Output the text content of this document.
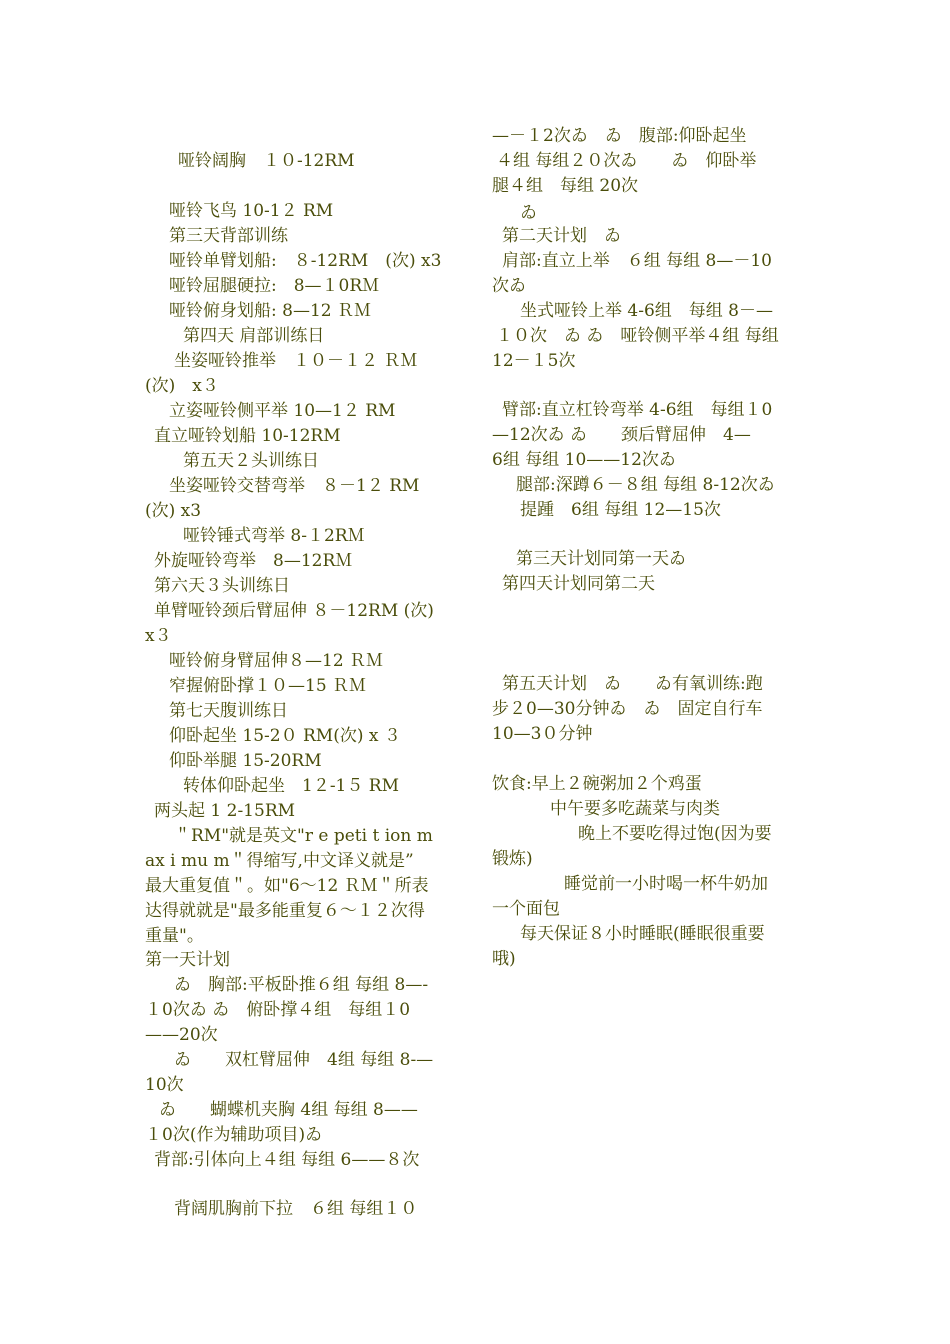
哑铃阔胸　１０-12RM
哑铃飞鸟 10-1２ RM
第三天背部训练
哑铃单臂划船:　８-12RM　(次) x3
哑铃屈腿硬拉:　8—１0RＭ
哑铃俯身划船: 8—12 ＲＭ
第四天 肩部训练日
坐姿哑铃推举　１０－１２ ＲＭ
(次)　x３
立姿哑铃侧平举 10—1２ RM
直立哑铃划船 10-12RM
第五天２头训练日
坐姿哑铃交替弯举　８－1２ RM
(次) x3
哑铃锤式弯举 8-１2RＭ
外旋哑铃弯举　8—12RＭ
第六天３头训练日
单臂哑铃颈后臂屈伸 ８－12RM (次)
x３
哑铃俯身臂屈伸８—12 ＲＭ
窄握俯卧撑１０—15 ＲＭ
第七天腹训练日
仰卧起坐 15-2０ RM(次) x ３
仰卧举腿 15-20RM
转体仰卧起坐　1２-1５ RM
两头起 1 2-15RM
＂RM"就是英文"r e peti t ion m
ax i mu m＂得缩写,中文译义就是”
最大重复值＂。如"6～12 ＲＭ＂所表
达得就就是"最多能重复６～１２次得
重量"。
第一天计划
ゐ　胸部:平板卧推６组 每组 8—-
１0次ゐ ゐ　俯卧撑４组　每组１0
——20次
ゐ　　双杠臂屈伸　4组 每组 8-—
10次
ゐ　　蝴蝶机夹胸 4组 每组 8——
１0次(作为辅助项目)ゐ
背部:引体向上４组 每组 6——８次
背阔肌胸前下拉　６组 每组１０
—－１2次ゐ　ゐ　腹部:仰卧起坐
４组 每组２０次ゐ　　ゐ　仰卧举
腿４组　每组 20次
ゐ
第二天计划　ゐ
肩部:直立上举　６组 每组 8—－10
次ゐ
坐式哑铃上举 4-6组　每组 8－—
１０次　ゐ ゐ　哑铃侧平举４组 每组
12－１5次
臂部:直立杠铃弯举 4-6组　每组１0
—12次ゐ ゐ　　颈后臂屈伸　4—
6组 每组 10——12次ゐ
腿部:深蹲６－８组 每组 8-12次ゐ
提踵　6组 每组 12—15次
第三天计划同第一天ゐ
第四天计划同第二天
第五天计划　ゐ　　ゐ有氧训练:跑
步２0—30分钟ゐ　ゐ　固定自行车
10—3０分钟
饮食:早上２碗粥加２个鸡蛋
中午要多吃蔬菜与肉类
晚上不要吃得过饱(因为要
锻炼)
睡觉前一小时喝一杯牛奶加
一个面包
每天保证８小时睡眠(睡眠很重要
哦)
